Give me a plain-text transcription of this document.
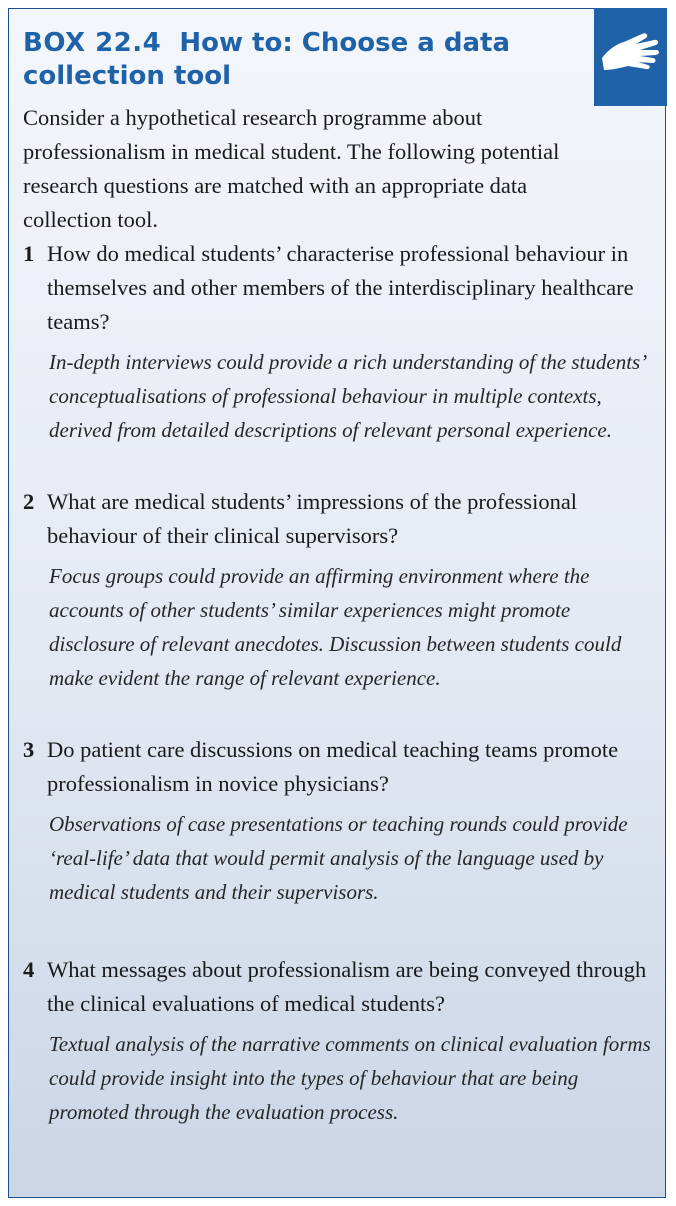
BOX 22.4 How to: Choose a data collection tool
Consider a hypothetical research programme about professionalism in medical student. The following potential research questions are matched with an appropriate data collection tool.
1 How do medical students’ characterise professional behaviour in themselves and other members of the interdisciplinary healthcare teams?
In-depth interviews could provide a rich understanding of the students’ conceptualisations of professional behaviour in multiple contexts, derived from detailed descriptions of relevant personal experience.
2 What are medical students’ impressions of the professional behaviour of their clinical supervisors?
Focus groups could provide an affirming environment where the accounts of other students’ similar experiences might promote disclosure of relevant anecdotes. Discussion between students could make evident the range of relevant experience.
3 Do patient care discussions on medical teaching teams promote professionalism in novice physicians?
Observations of case presentations or teaching rounds could provide ‘real-life’ data that would permit analysis of the language used by medical students and their supervisors.
4 What messages about professionalism are being conveyed through the clinical evaluations of medical students?
Textual analysis of the narrative comments on clinical evaluation forms could provide insight into the types of behaviour that are being promoted through the evaluation process.
